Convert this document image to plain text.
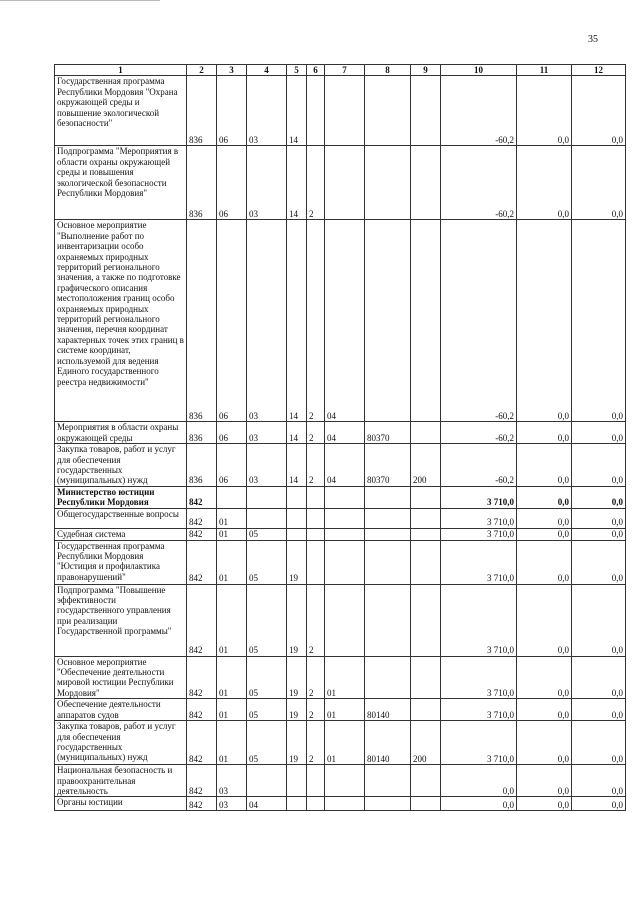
35
1	2	3	4	5	6	7	8	9	10	11	12
Государственная программа Республики Мордовия "Охрана окружающей среды и повышение экологической безопасности"	836	06	03	14					-60,2	0,0	0,0
Подпрограмма "Мероприятия в области охраны окружающей среды и повышения экологической безопасности Республики Мордовия"	836	06	03	14	2				-60,2	0,0	0,0
Основное мероприятие "Выполнение работ по инвентаризации особо охраняемых природных территорий регионального значения, а также по подготовке графического описания местоположения границ особо охраняемых природных территорий регионального значения, перечня координат характерных точек этих границ в системе координат, используемой для ведения Единого государственного реестра недвижимости"	836	06	03	14	2	04			-60,2	0,0	0,0
Мероприятия в области охраны окружающей среды	836	06	03	14	2	04	80370		-60,2	0,0	0,0
Закупка товаров, работ и услуг для обеспечения государственных (муниципальных) нужд	836	06	03	14	2	04	80370	200	-60,2	0,0	0,0
Министерство юстиции Республики Мордовия	842								3 710,0	0,0	0,0
Общегосударственные вопросы	842	01							3 710,0	0,0	0,0
Судебная система	842	01	05						3 710,0	0,0	0,0
Государственная программа Республики Мордовия "Юстиция и профилактика правонарушений"	842	01	05	19					3 710,0	0,0	0,0
Подпрограмма "Повышение эффективности государственного управления при реализации Государственной программы"	842	01	05	19	2				3 710,0	0,0	0,0
Основное мероприятие "Обеспечение деятельности мировой юстиции Республики Мордовия"	842	01	05	19	2	01			3 710,0	0,0	0,0
Обеспечение деятельности аппаратов судов	842	01	05	19	2	01	80140		3 710,0	0,0	0,0
Закупка товаров, работ и услуг для обеспечения государственных (муниципальных) нужд	842	01	05	19	2	01	80140	200	3 710,0	0,0	0,0
Национальная безопасность и правоохранительная деятельность	842	03							0,0	0,0	0,0
Органы юстиции	842	03	04						0,0	0,0	0,0
